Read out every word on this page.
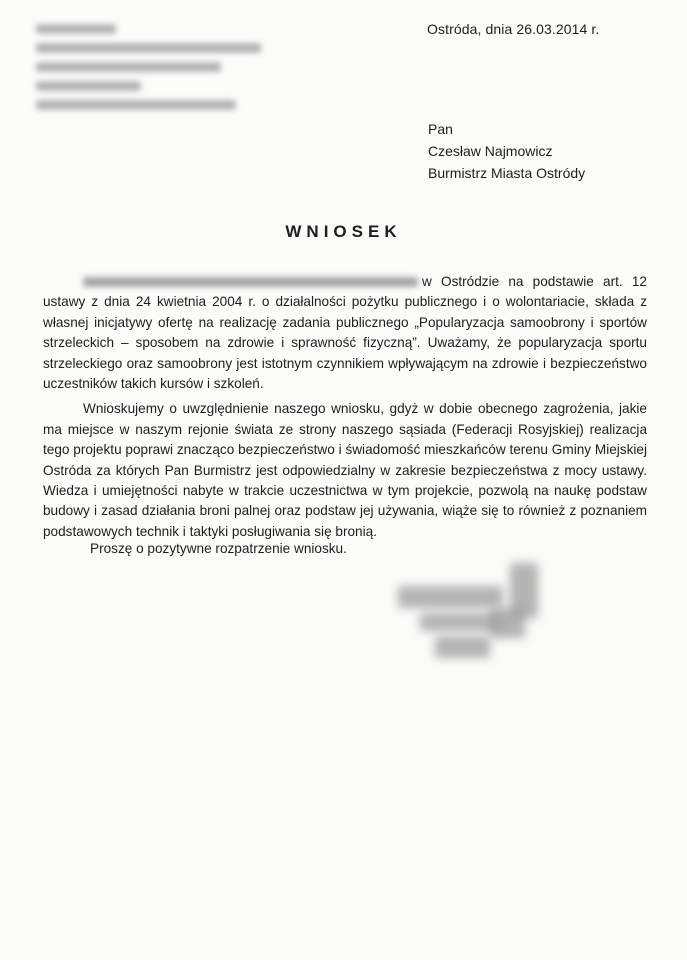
Ostróda, dnia 26.03.2014 r.
Pan
Czesław Najmowicz
Burmistrz Miasta Ostródy
WNIOSEK

w Ostródzie na podstawie art. 12 ustawy z dnia 24 kwietnia 2004 r. o działalności pożytku publicznego i o wolontariacie, składa z własnej inicjatywy ofertę na realizację zadania publicznego „Popularyzacja samoobrony i sportów strzeleckich – sposobem na zdrowie i sprawność fizyczną”. Uważamy, że popularyzacja sportu strzeleckiego oraz samoobrony jest istotnym czynnikiem wpływającym na zdrowie i bezpieczeństwo uczestników takich kursów i szkoleń.

Wnioskujemy o uwzględnienie naszego wniosku, gdyż w dobie obecnego zagrożenia, jakie ma miejsce w naszym rejonie świata ze strony naszego sąsiada (Federacji Rosyjskiej) realizacja tego projektu poprawi znacząco bezpieczeństwo i świadomość mieszkańców terenu Gminy Miejskiej Ostróda za których Pan Burmistrz jest odpowiedzialny w zakresie bezpieczeństwa z mocy ustawy. Wiedza i umiejętności nabyte w trakcie uczestnictwa w tym projekcie, pozwolą na naukę podstaw budowy i zasad działania broni palnej oraz podstaw jej używania, wiąże się to również z poznaniem podstawowych technik i taktyki posługiwania się bronią.

Proszę o pozytywne rozpatrzenie wniosku.
